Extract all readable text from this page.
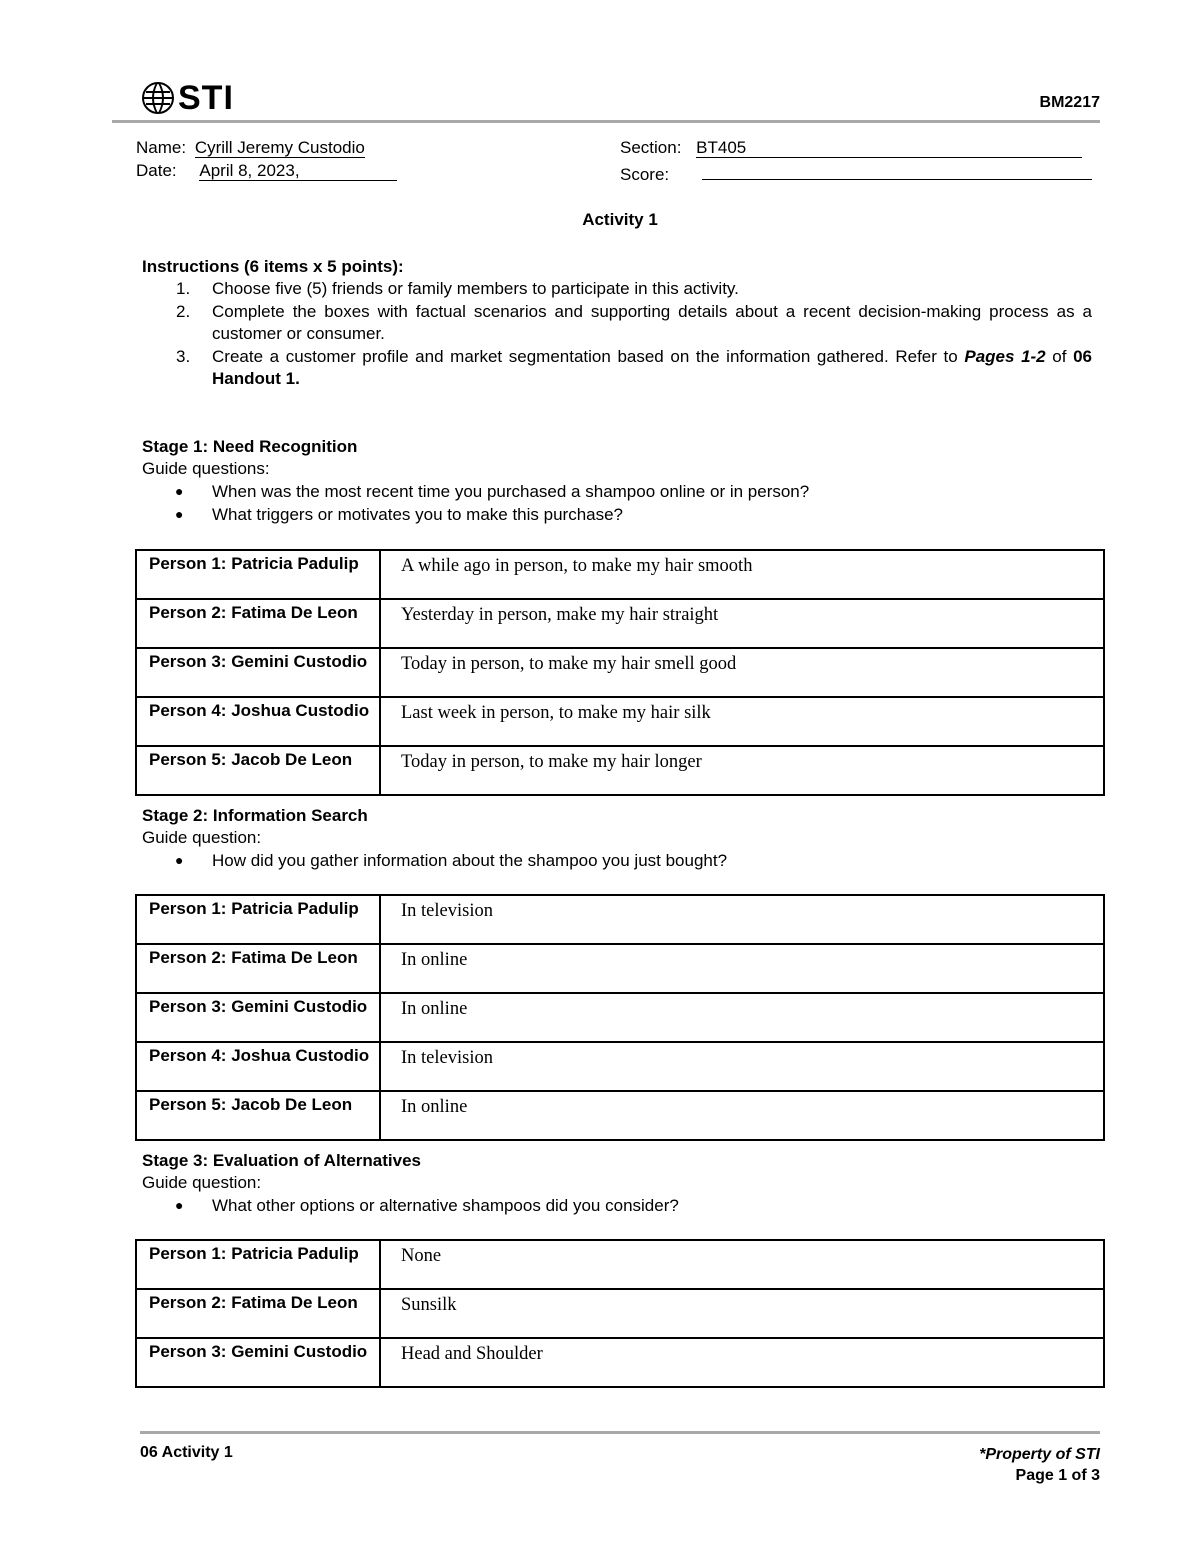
STI	BM2217
Name: Cyrill Jeremy Custodio
Date: April 8, 2023,
Section: BT405
Score:
Activity 1
Instructions (6 items x 5 points):
1. Choose five (5) friends or family members to participate in this activity.
2. Complete the boxes with factual scenarios and supporting details about a recent decision-making process as a customer or consumer.
3. Create a customer profile and market segmentation based on the information gathered. Refer to Pages 1-2 of 06 Handout 1.
Stage 1: Need Recognition
Guide questions:
● When was the most recent time you purchased a shampoo online or in person?
● What triggers or motivates you to make this purchase?
Person 1: Patricia Padulip	A while ago in person, to make my hair smooth
Person 2: Fatima De Leon	Yesterday in person, make my hair straight
Person 3: Gemini Custodio	Today in person, to make my hair smell good
Person 4: Joshua Custodio	Last week in person, to make my hair silk
Person 5: Jacob De Leon	Today in person, to make my hair longer
Stage 2: Information Search
Guide question:
● How did you gather information about the shampoo you just bought?
Person 1: Patricia Padulip	In television
Person 2: Fatima De Leon	In online
Person 3: Gemini Custodio	In online
Person 4: Joshua Custodio	In television
Person 5: Jacob De Leon	In online
Stage 3: Evaluation of Alternatives
Guide question:
● What other options or alternative shampoos did you consider?
Person 1: Patricia Padulip	None
Person 2: Fatima De Leon	Sunsilk
Person 3: Gemini Custodio	Head and Shoulder
06 Activity 1	*Property of STI
Page 1 of 3
